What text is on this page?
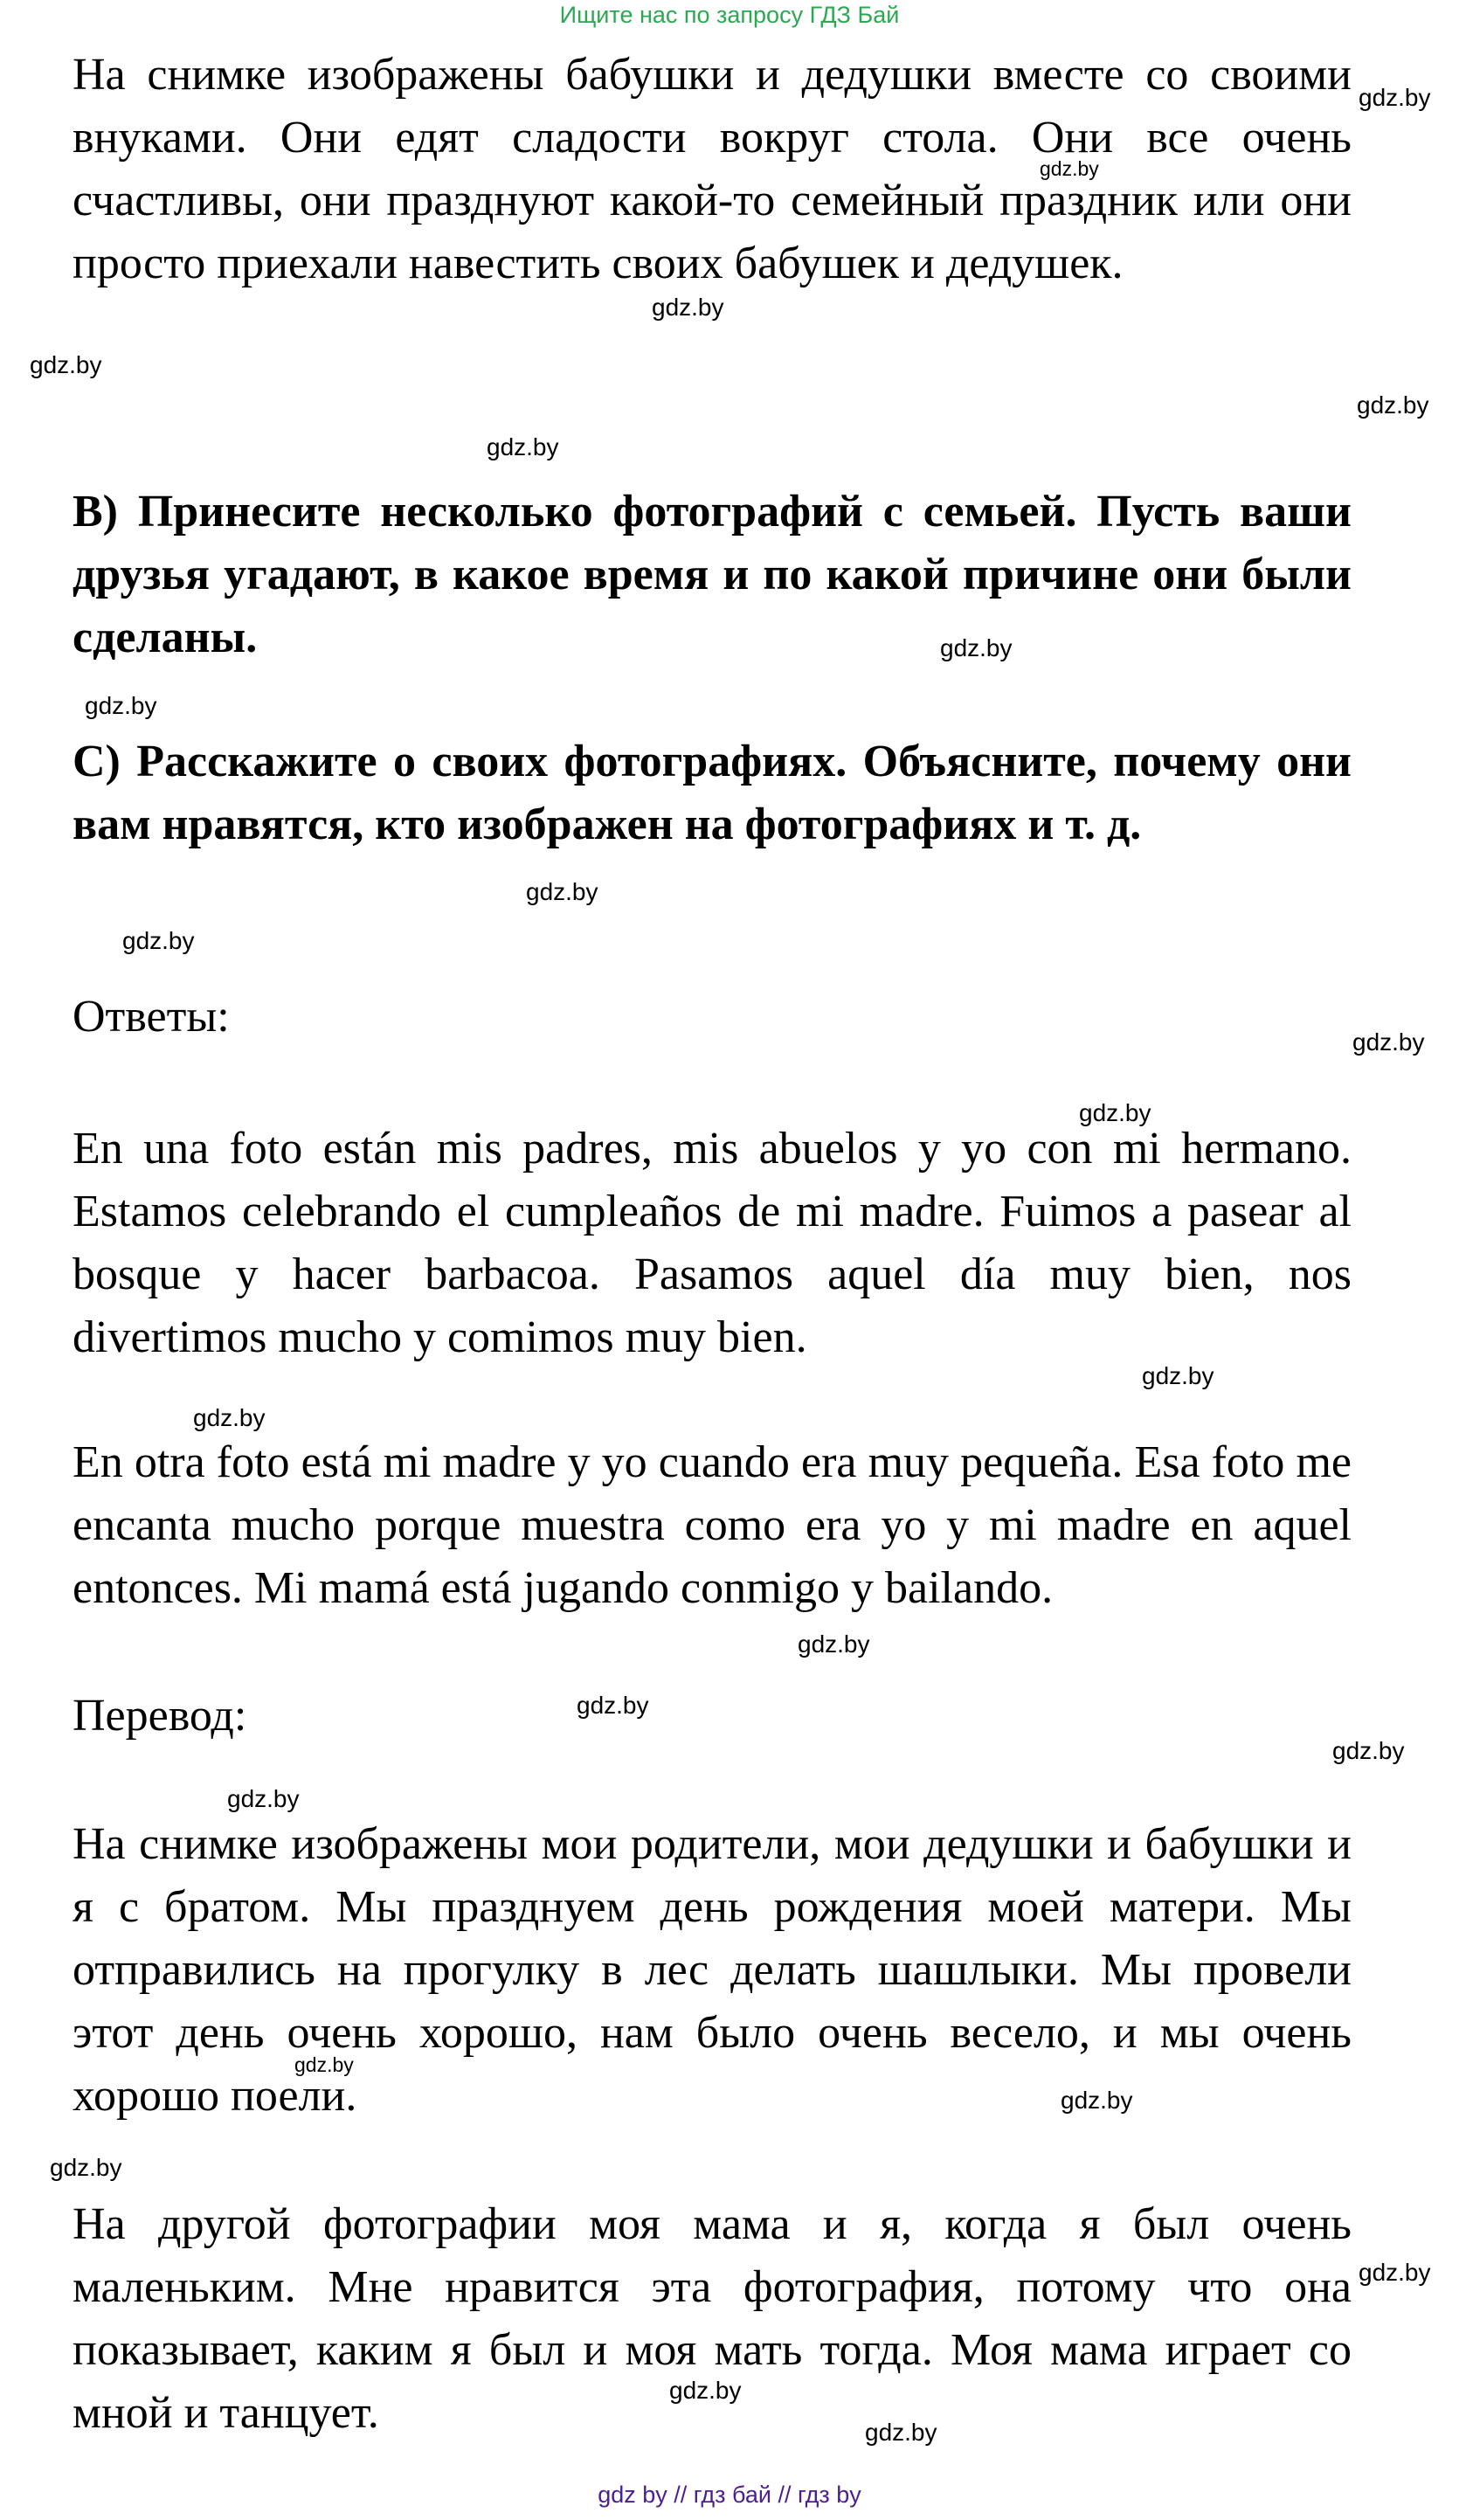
Ищите нас по запросу ГДЗ Бай

На снимке изображены бабушки и дедушки вместе со своими внуками. Они едят сладости вокруг стола. Они все очень счастливы, они празднуют какой-то семейный праздник или они просто приехали навестить своих бабушек и дедушек.

B) Принесите несколько фотографий с семьей. Пусть ваши друзья угадают, в какое время и по какой причине они были сделаны.

C) Расскажите о своих фотографиях. Объясните, почему они вам нравятся, кто изображен на фотографиях и т. д.

Ответы:

En una foto están mis padres, mis abuelos y yo con mi hermano. Estamos celebrando el cumpleaños de mi madre. Fuimos a pasear al bosque y hacer barbacoa. Pasamos aquel día muy bien, nos divertimos mucho y comimos muy bien.

En otra foto está mi madre y yo cuando era muy pequeña. Esa foto me encanta mucho porque muestra como era yo y mi madre en aquel entonces. Mi mamá está jugando conmigo y bailando.

Перевод:

На снимке изображены мои родители, мои дедушки и бабушки и я с братом. Мы празднуем день рождения моей матери. Мы отправились на прогулку в лес делать шашлыки. Мы провели этот день очень хорошо, нам было очень весело, и мы очень хорошо поели.

На другой фотографии моя мама и я, когда я был очень маленьким. Мне нравится эта фотография, потому что она показывает, каким я был и моя мать тогда. Моя мама играет со мной и танцует.

gdz.by
gdz.by
gdz.by
gdz.by
gdz.by
gdz.by
gdz.by
gdz.by
gdz.by
gdz.by
gdz.by
gdz.by
gdz.by
gdz.by
gdz.by
gdz.by
gdz.by
gdz.by
gdz.by
gdz.by
gdz.by
gdz.by
gdz.by
gdz.by
gdz by // гдз бай // гдз by
